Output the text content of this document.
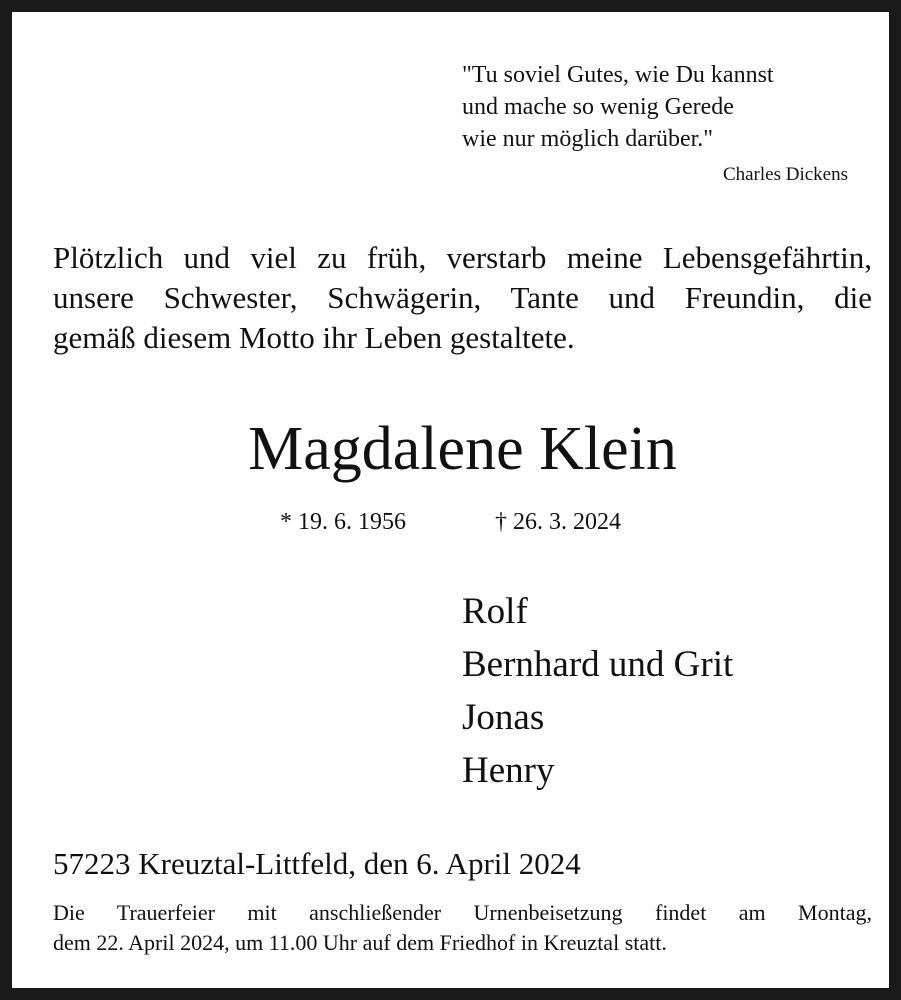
"Tu soviel Gutes, wie Du kannst
und mache so wenig Gerede
wie nur möglich darüber."
Charles Dickens
Plötzlich und viel zu früh, verstarb meine Lebensgefährtin,
unsere Schwester, Schwägerin, Tante und Freundin, die
gemäß diesem Motto ihr Leben gestaltete.
Magdalene Klein
* 19. 6. 1956	† 26. 3. 2024
Rolf
Bernhard und Grit
Jonas
Henry
57223 Kreuztal-Littfeld, den 6. April 2024
Die Trauerfeier mit anschließender Urnenbeisetzung findet am Montag,
dem 22. April 2024, um 11.00 Uhr auf dem Friedhof in Kreuztal statt.
